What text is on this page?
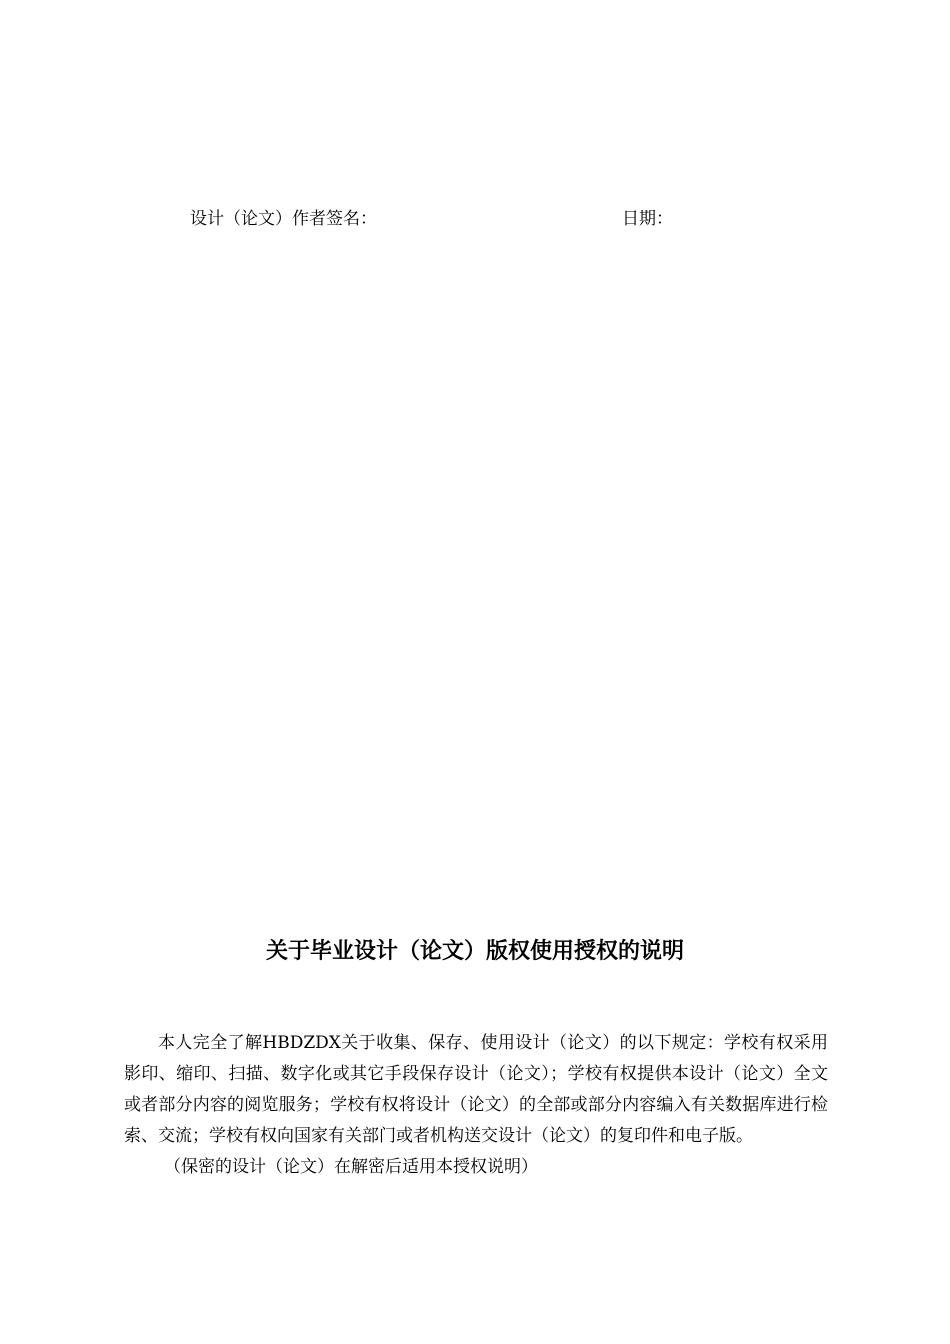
设计（论文）作者签名：	日期：
关于毕业设计（论文）版权使用授权的说明

本人完全了解HBDZDX关于收集、保存、使用设计（论文）的以下规定：学校有权采用影印、缩印、扫描、数字化或其它手段保存设计（论文）；学校有权提供本设计（论文）全文或者部分内容的阅览服务；学校有权将设计（论文）的全部或部分内容编入有关数据库进行检索、交流；学校有权向国家有关部门或者机构送交设计（论文）的复印件和电子版。

（保密的设计（论文）在解密后适用本授权说明）
